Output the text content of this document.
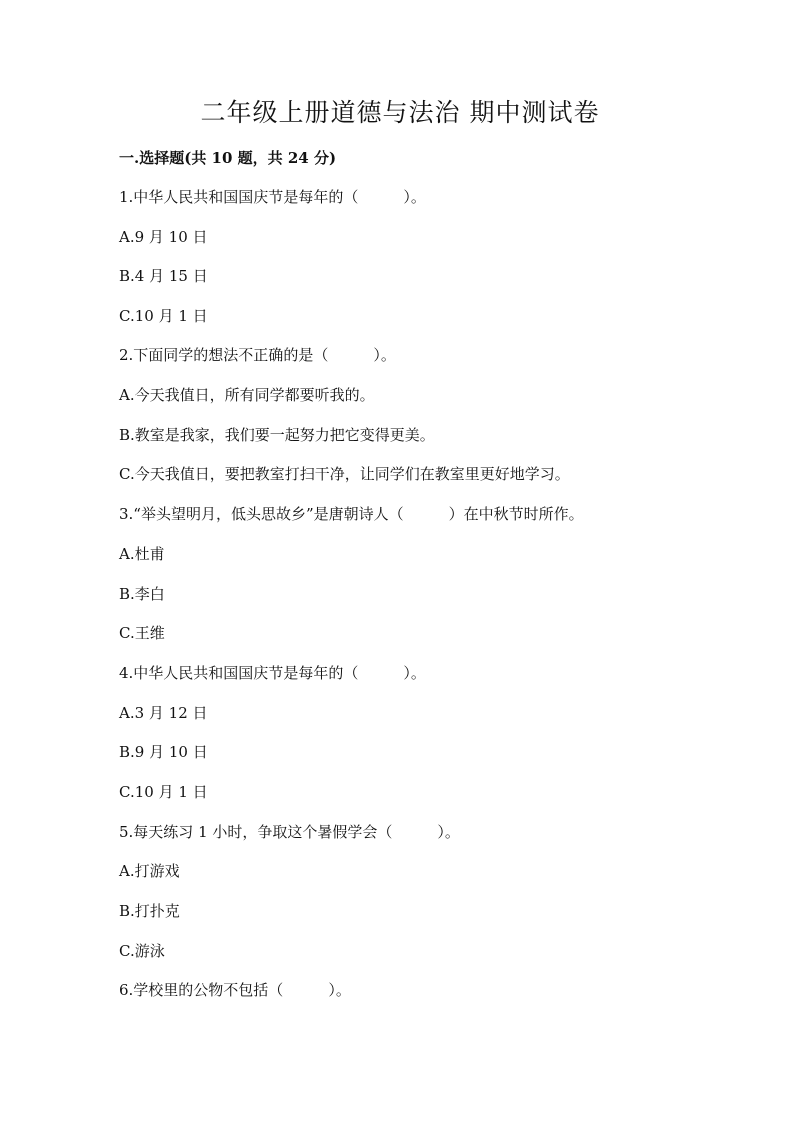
二年级上册道德与法治 期中测试卷
一.选择题(共 10 题，共 24 分)
1.中华人民共和国国庆节是每年的（　　　）。
A.9 月 10 日
B.4 月 15 日
C.10 月 1 日
2.下面同学的想法不正确的是（　　　）。
A.今天我值日，所有同学都要听我的。
B.教室是我家，我们要一起努力把它变得更美。
C.今天我值日，要把教室打扫干净，让同学们在教室里更好地学习。
3.“举头望明月，低头思故乡”是唐朝诗人（　　　）在中秋节时所作。
A.杜甫
B.李白
C.王维
4.中华人民共和国国庆节是每年的（　　　）。
A.3 月 12 日
B.9 月 10 日
C.10 月 1 日
5.每天练习 1 小时，争取这个暑假学会（　　　）。
A.打游戏
B.打扑克
C.游泳
6.学校里的公物不包括（　　　）。
